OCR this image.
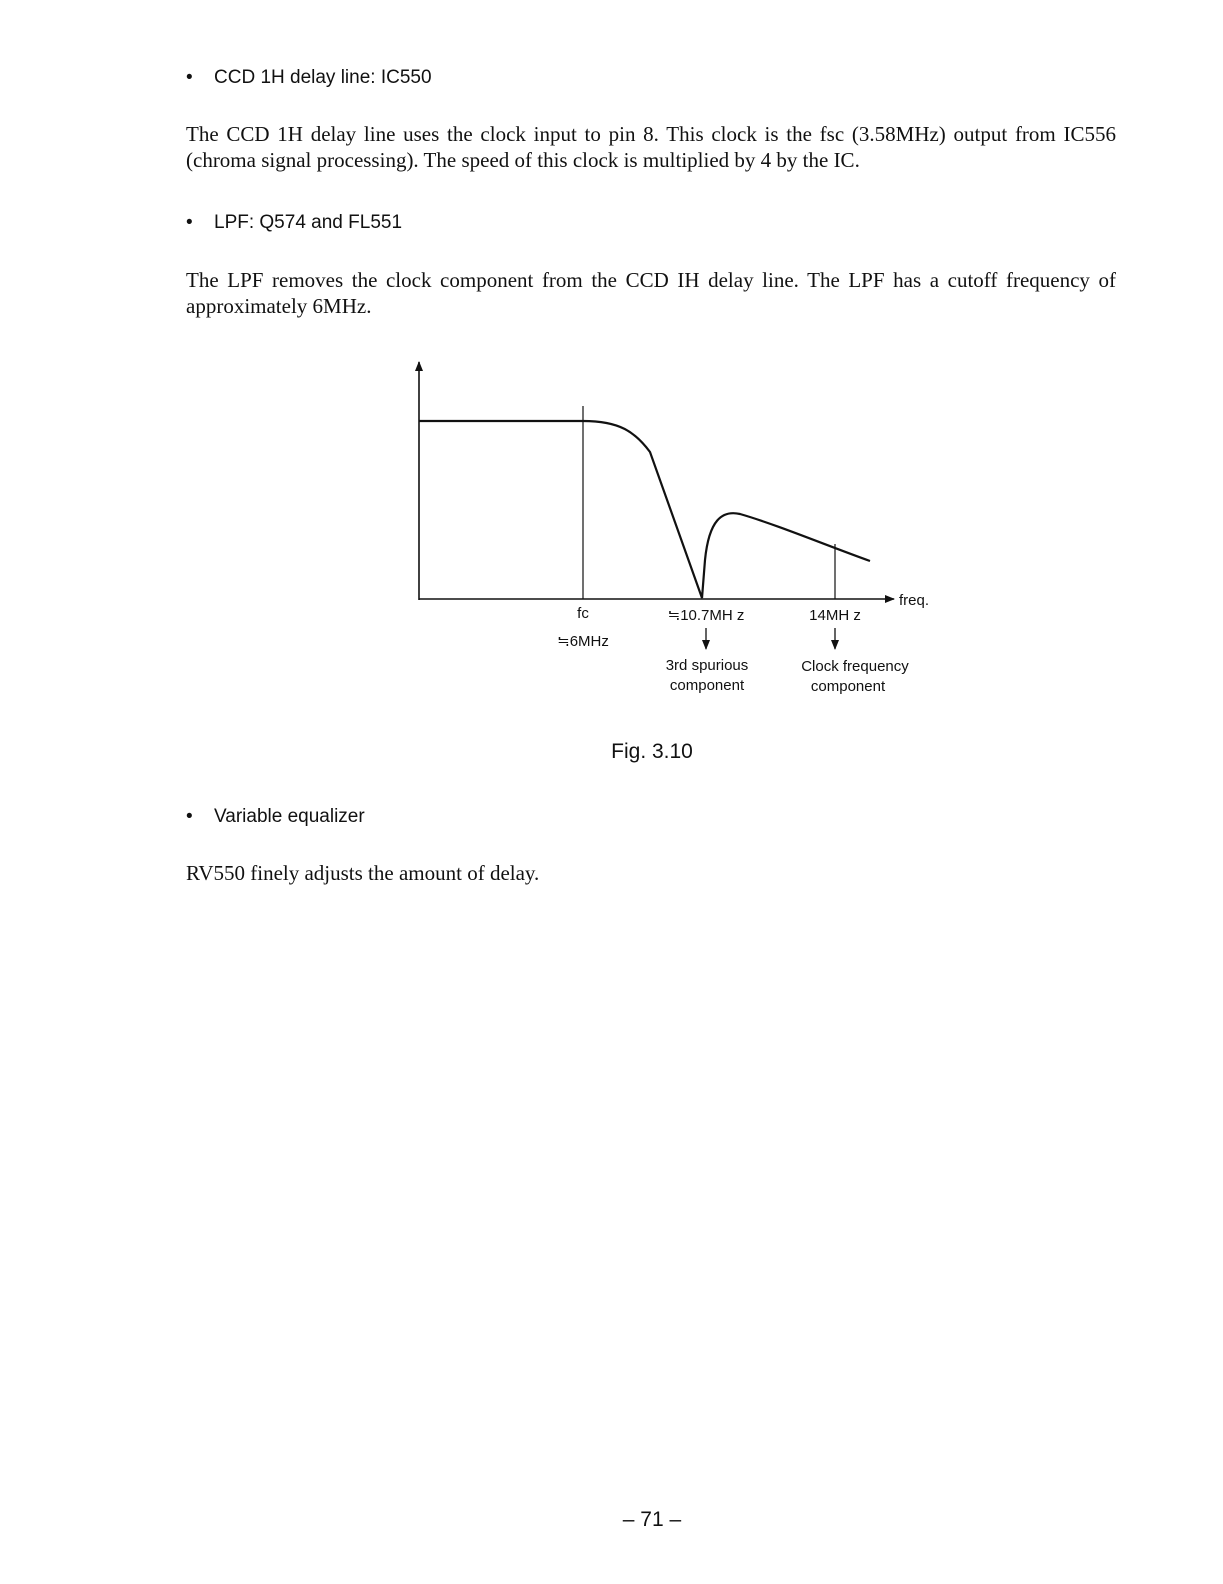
• CCD 1H delay line: IC550
The CCD 1H delay line uses the clock input to pin 8. This clock is the fsc (3.58MHz) output from IC556 (chroma signal processing). The speed of this clock is multiplied by 4 by the IC.
• LPF: Q574 and FL551
The LPF removes the clock component from the CCD IH delay line. The LPF has a cutoff frequency of approximately 6MHz.
freq.
fc
≒6MHz
≒10.7MH z
3rd spurious
component
14MH z
Clock frequency
component
Fig. 3.10
• Variable equalizer
RV550 finely adjusts the amount of delay.
– 71 –
